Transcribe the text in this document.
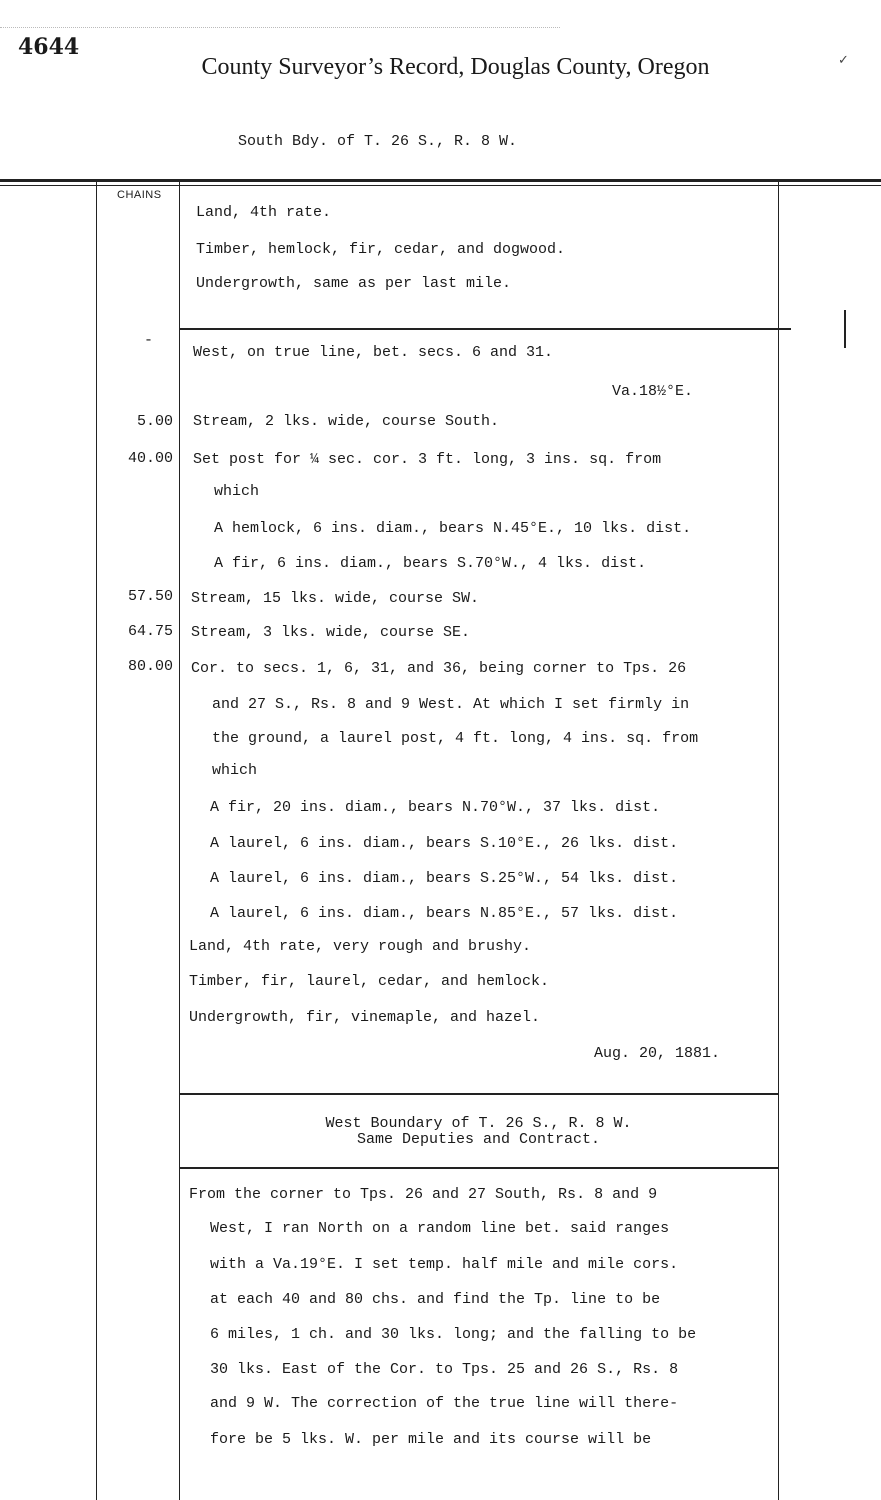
4644
County Surveyor’s Record, Douglas County, Oregon
South Bdy. of T. 26 S., R. 8 W.
CHAINS
Land, 4th rate.
Timber, hemlock, fir, cedar, and dogwood.
Undergrowth, same as per last mile.
-
West, on true line, bet. secs. 6 and 31.
Va.18½°E.
5.00 Stream, 2 lks. wide, course South.
40.00 Set post for ¼ sec. cor. 3 ft. long, 3 ins. sq. from
which
A hemlock, 6 ins. diam., bears N.45°E., 10 lks. dist.
A fir, 6 ins. diam., bears S.70°W., 4 lks. dist.
57.50 Stream, 15 lks. wide, course SW.
64.75 Stream, 3 lks. wide, course SE.
80.00 Cor. to secs. 1, 6, 31, and 36, being corner to Tps. 26
and 27 S., Rs. 8 and 9 West. At which I set firmly in
the ground, a laurel post, 4 ft. long, 4 ins. sq. from
which
A fir, 20 ins. diam., bears N.70°W., 37 lks. dist.
A laurel, 6 ins. diam., bears S.10°E., 26 lks. dist.
A laurel, 6 ins. diam., bears S.25°W., 54 lks. dist.
A laurel, 6 ins. diam., bears N.85°E., 57 lks. dist.
Land, 4th rate, very rough and brushy.
Timber, fir, laurel, cedar, and hemlock.
Undergrowth, fir, vinemaple, and hazel.
Aug. 20, 1881.
West Boundary of T. 26 S., R. 8 W.
Same Deputies and Contract.
From the corner to Tps. 26 and 27 South, Rs. 8 and 9
West, I ran North on a random line bet. said ranges
with a Va.19°E. I set temp. half mile and mile cors.
at each 40 and 80 chs. and find the Tp. line to be
6 miles, 1 ch. and 30 lks. long; and the falling to be
30 lks. East of the Cor. to Tps. 25 and 26 S., Rs. 8
and 9 W. The correction of the true line will there-
fore be 5 lks. W. per mile and its course will be
✓
